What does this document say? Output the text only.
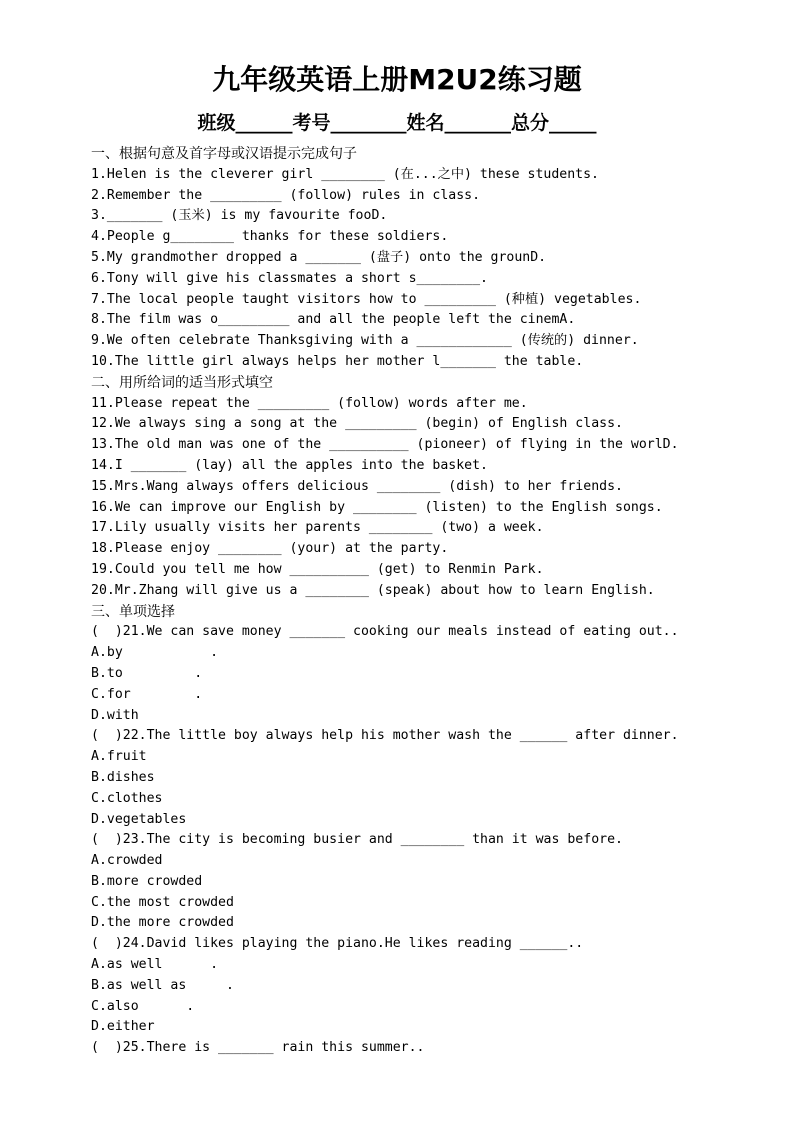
九年级英语上册M2U2练习题
班级______考号________姓名_______总分_____
一、根据句意及首字母或汉语提示完成句子
1.Helen is the cleverer girl ________ (在...之中) these students.
2.Remember the _________ (follow) rules in class.
3._______ (玉米) is my favourite fooD.
4.People g________ thanks for these soldiers.
5.My grandmother dropped a _______ (盘子) onto the grounD.
6.Tony will give his classmates a short s________.
7.The local people taught visitors how to _________ (种植) vegetables.
8.The film was o_________ and all the people left the cinemA.
9.We often celebrate Thanksgiving with a ____________ (传统的) dinner.
10.The little girl always helps her mother l_______ the table.
二、用所给词的适当形式填空
11.Please repeat the _________ (follow) words after me.
12.We always sing a song at the _________ (begin) of English class.
13.The old man was one of the __________ (pioneer) of flying in the worlD.
14.I _______ (lay) all the apples into the basket.
15.Mrs.Wang always offers delicious ________ (dish) to her friends.
16.We can improve our English by ________ (listen) to the English songs.
17.Lily usually visits her parents ________ (two) a week.
18.Please enjoy ________ (your) at the party.
19.Could you tell me how __________ (get) to Renmin Park.
20.Mr.Zhang will give us a ________ (speak) about how to learn English.
三、单项选择
(  )21.We can save money _______ cooking our meals instead of eating out..
A.by           .
B.to         .
C.for        .
D.with
(  )22.The little boy always help his mother wash the ______ after dinner.
A.fruit
B.dishes
C.clothes
D.vegetables
(  )23.The city is becoming busier and ________ than it was before.
A.crowded
B.more crowded
C.the most crowded
D.the more crowded
(  )24.David likes playing the piano.He likes reading ______..
A.as well      .
B.as well as     .
C.also      .
D.either
(  )25.There is _______ rain this summer..
